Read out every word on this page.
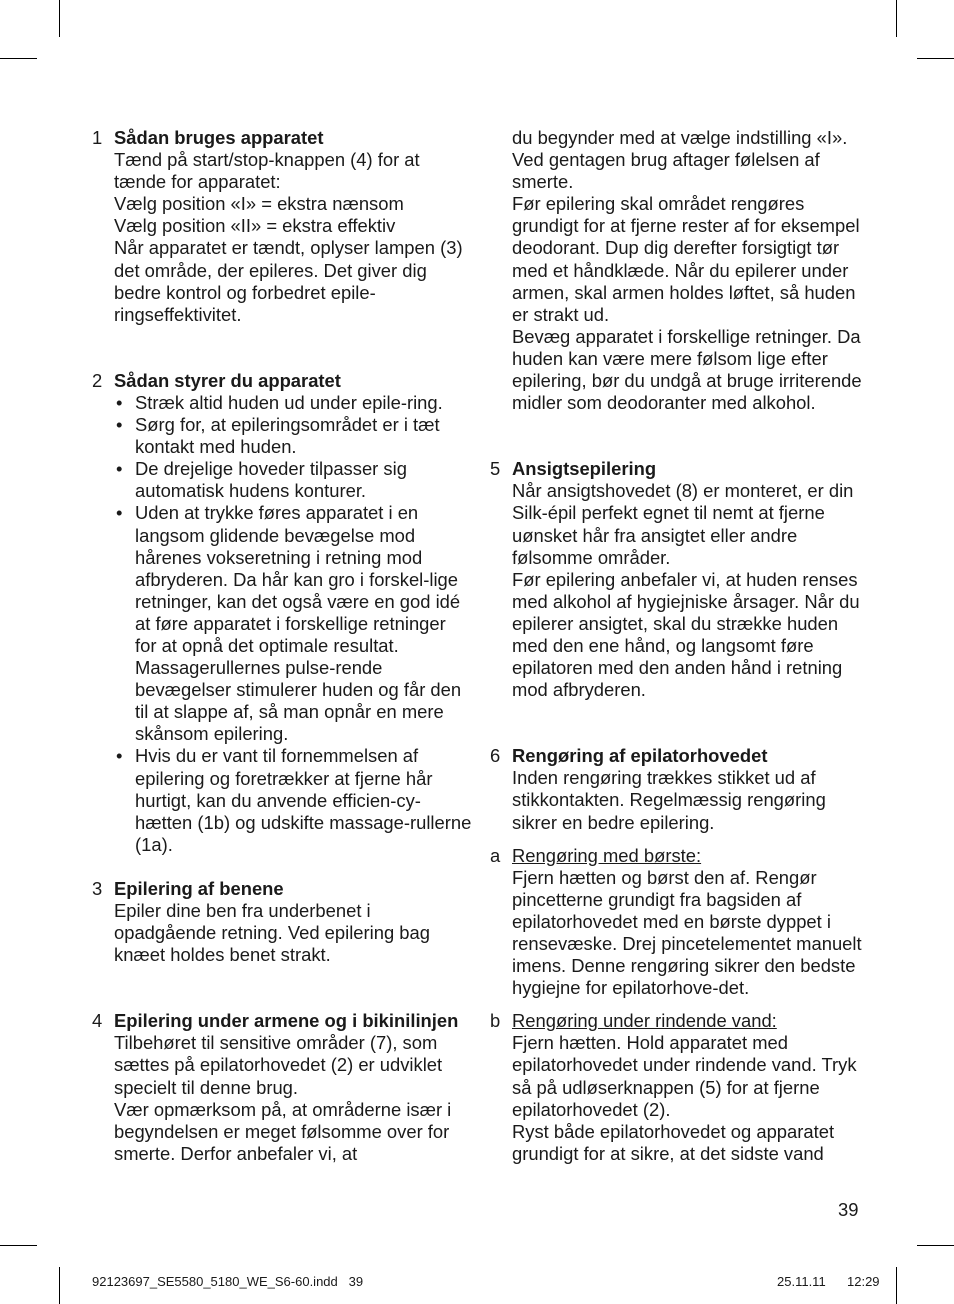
1 Sådan bruges apparatet
Tænd på start/stop-knappen (4) for at tænde for apparatet:
Vælg position «I» = ekstra nænsom
Vælg position «II» = ekstra effektiv
Når apparatet er tændt, oplyser lampen (3) det område, der epileres. Det giver dig bedre kontrol og forbedret epile-ringseffektivitet.
2 Sådan styrer du apparatet
• Stræk altid huden ud under epile-ring.
• Sørg for, at epileringsområdet er i tæt kontakt med huden.
• De drejelige hoveder tilpasser sig automatisk hudens konturer.
• Uden at trykke føres apparatet i en langsom glidende bevægelse mod hårenes vokseretning i retning mod afbryderen. Da hår kan gro i forskel-lige retninger, kan det også være en god idé at føre apparatet i forskellige retninger for at opnå det optimale resultat. Massagerullernes pulse-rende bevægelser stimulerer huden og får den til at slappe af, så man opnår en mere skånsom epilering.
• Hvis du er vant til fornemmelsen af epilering og foretrækker at fjerne hår hurtigt, kan du anvende efficien-cy-hætten (1b) og udskifte massage-rullerne (1a).
3 Epilering af benene
Epiler dine ben fra underbenet i opadgående retning. Ved epilering bag knæet holdes benet strakt.
4 Epilering under armene og i bikinilinjen
Tilbehøret til sensitive områder (7), som sættes på epilatorhovedet (2) er udviklet specielt til denne brug.
Vær opmærksom på, at områderne især i begyndelsen er meget følsomme over for smerte. Derfor anbefaler vi, at
du begynder med at vælge indstilling «I». Ved gentagen brug aftager følelsen af smerte.
Før epilering skal området rengøres grundigt for at fjerne rester af for eksempel deodorant. Dup dig derefter forsigtigt tør med et håndklæde. Når du epilerer under armen, skal armen holdes løftet, så huden er strakt ud.
Bevæg apparatet i forskellige retninger. Da huden kan være mere følsom lige efter epilering, bør du undgå at bruge irriterende midler som deodoranter med alkohol.
5 Ansigtsepilering
Når ansigtshovedet (8) er monteret, er din Silk-épil perfekt egnet til nemt at fjerne uønsket hår fra ansigtet eller andre følsomme områder.
Før epilering anbefaler vi, at huden renses med alkohol af hygiejniske årsager. Når du epilerer ansigtet, skal du strække huden med den ene hånd, og langsomt føre epilatoren med den anden hånd i retning mod afbryderen.
6 Rengøring af epilatorhovedet
Inden rengøring trækkes stikket ud af stikkontakten. Regelmæssig rengøring sikrer en bedre epilering.
a Rengøring med børste:
Fjern hætten og børst den af. Rengør pincetterne grundigt fra bagsiden af epilatorhovedet med en børste dyppet i rensevæske. Drej pincetelementet manuelt imens. Denne rengøring sikrer den bedste hygiejne for epilatorhove-det.
b Rengøring under rindende vand:
Fjern hætten. Hold apparatet med epilatorhovedet under rindende vand. Tryk så på udløserknappen (5) for at fjerne epilatorhovedet (2).
Ryst både epilatorhovedet og apparatet grundigt for at sikre, at det sidste vand
39
92123697_SE5580_5180_WE_S6-60.indd   39	25.11.11 12:29
